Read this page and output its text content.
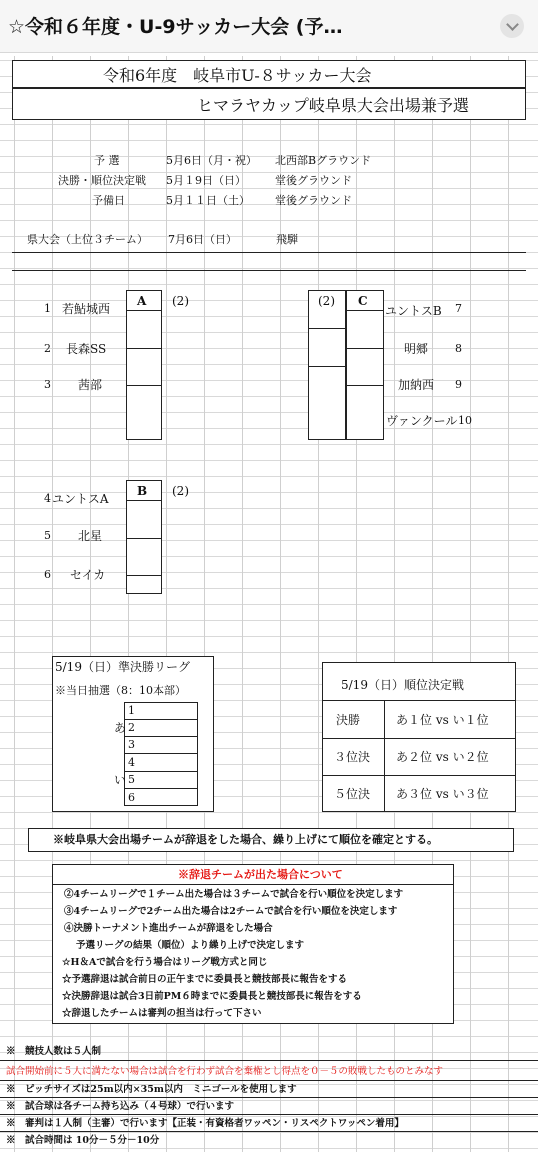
☆令和６年度・U-9サッカー大会 (予…
令和6年度　岐阜市U-８サッカー大会
ヒマラヤカップ岐阜県大会出場兼予選
予 選	5月6日（月・祝） 北西部Bグラウンド
決勝・順位決定戦 5月１9日（日）	堂後グラウンド
予備日	5月１１日（土） 堂後グラウンド
県大会（上位３チーム） 7月6日（日）	飛騨
1 若鮎城西
2 長森SS
3 茜部
A (2)	(2) C
ユントスB 7
明郷 8
加納西 9
ヴァンクール 10
4 ユントスA
5 北星
6 セイカ
B (2)
5/19（日）準決勝リーグ
※当日抽選（8：10本部）
1
2
3
4
5
6
あ
い
5/19（日）順位決定戦
決勝	あ１位 vs い１位
３位決 あ２位 vs い２位
５位決 あ３位 vs い３位
※岐阜県大会出場チームが辞退をした場合、繰り上げにて順位を確定とする。
※辞退チームが出た場合について
②4チームリーグで１チーム出た場合は３チームで試合を行い順位を決定します
③4チームリーグで2チーム出た場合は2チームで試合を行い順位を決定します
④決勝トーナメント進出チームが辞退をした場合
予選リーグの結果（順位）より繰り上げで決定します
☆H＆Aで試合を行う場合はリーグ戦方式と同じ
☆予選辞退は試合前日の正午までに委員長と競技部長に報告をする
☆決勝辞退は試合3日前PM６時までに委員長と競技部長に報告をする
☆辞退したチームは審判の担当は行って下さい
※　競技人数は５人制
試合開始前に５人に満たない場合は試合を行わず試合を棄権とし得点を０－５の敗戦したものとみなす
※　ピッチサイズは25m以内×35m以内　ミニゴールを使用します
※　試合球は各チーム持ち込み（４号球）で行います
※　審判は１人制（主審）で行います【正装・有資格者ワッペン・リスペクトワッペン着用】
※　試合時間は 10分－５分－10分
